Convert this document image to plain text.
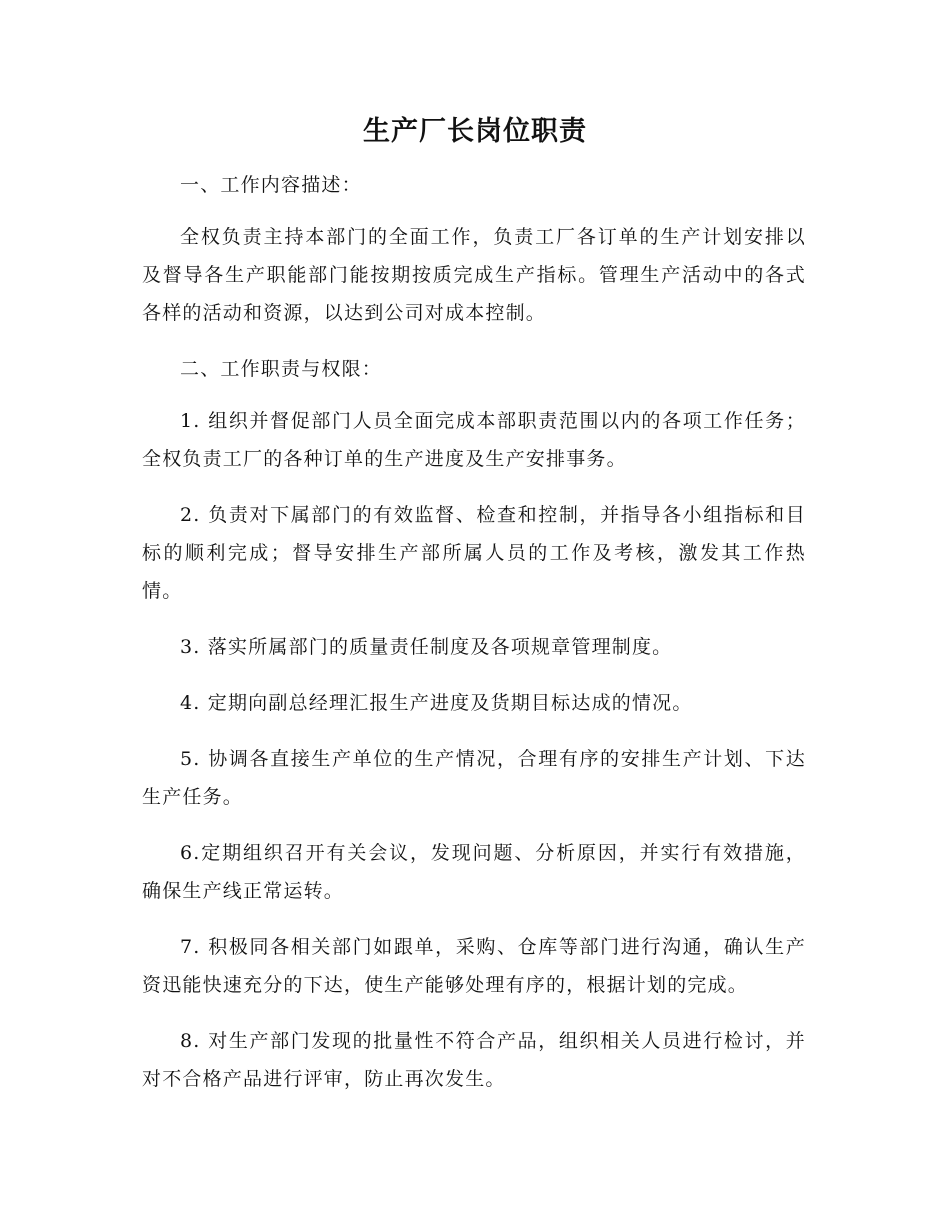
生产厂长岗位职责

一、工作内容描述：

全权负责主持本部门的全面工作，负责工厂各订单的生产计划安排以及督导各生产职能部门能按期按质完成生产指标。管理生产活动中的各式各样的活动和资源，以达到公司对成本控制。

二、工作职责与权限：

1. 组织并督促部门人员全面完成本部职责范围以内的各项工作任务；全权负责工厂的各种订单的生产进度及生产安排事务。

2. 负责对下属部门的有效监督、检查和控制，并指导各小组指标和目标的顺利完成；督导安排生产部所属人员的工作及考核，激发其工作热情。

3. 落实所属部门的质量责任制度及各项规章管理制度。

4. 定期向副总经理汇报生产进度及货期目标达成的情况。

5. 协调各直接生产单位的生产情况，合理有序的安排生产计划、下达生产任务。

6.定期组织召开有关会议，发现问题、分析原因，并实行有效措施，确保生产线正常运转。

7. 积极同各相关部门如跟单，采购、仓库等部门进行沟通，确认生产资迅能快速充分的下达，使生产能够处理有序的，根据计划的完成。

8. 对生产部门发现的批量性不符合产品，组织相关人员进行检讨，并对不合格产品进行评审，防止再次发生。
